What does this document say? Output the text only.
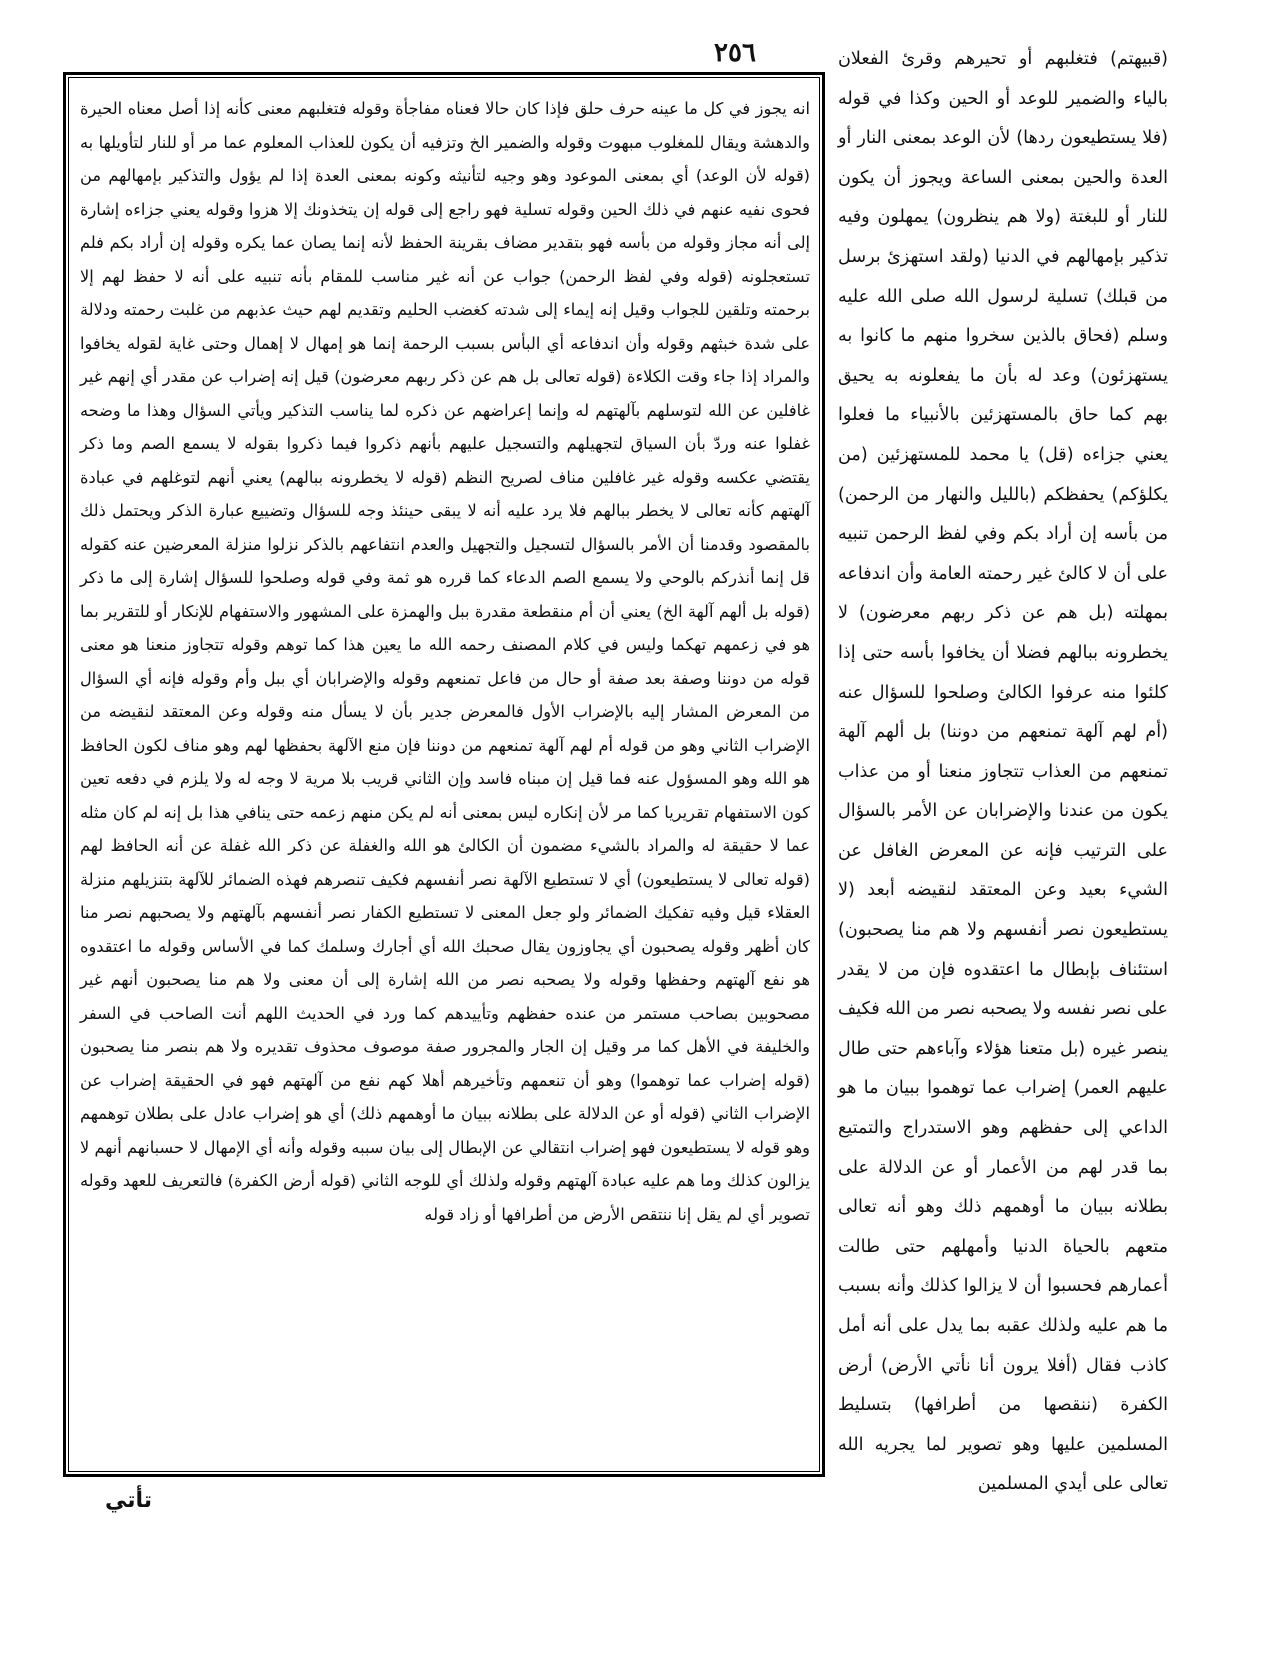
٢٥٦	(قبيهتم) فتغلبهم أو تحيرهم وقرئ الفعلان بالياء والضمير للوعد أو الحين وكذا في قوله (فلا يستطيعون ردها) لأن الوعد بمعنى النار أو العدة والحين بمعنى الساعة ويجوز أن يكون للنار أو للبغتة (ولا هم ينظرون) يمهلون وفيه تذكير بإمهالهم في الدنيا (ولقد استهزئ برسل من قبلك) تسلية لرسول الله صلى الله عليه وسلم (فحاق بالذين سخروا منهم ما كانوا به يستهزئون) وعد له بأن ما يفعلونه به يحيق بهم كما حاق بالمستهزئين بالأنبياء ما فعلوا يعني جزاءه (قل) يا محمد للمستهزئين (من يكلؤكم) يحفظكم (بالليل والنهار من الرحمن) من بأسه إن أراد بكم وفي لفظ الرحمن تنبيه على أن لا كالئ غير رحمته العامة وأن اندفاعه بمهلته (بل هم عن ذكر ربهم معرضون) لا يخطرونه ببالهم فضلا أن يخافوا بأسه حتى إذا كلئوا منه عرفوا الكالئ وصلحوا للسؤال عنه (أم لهم آلهة تمنعهم من دوننا) بل ألهم آلهة تمنعهم من العذاب تتجاوز منعنا أو من عذاب يكون من عندنا والإضرابان عن الأمر بالسؤال على الترتيب فإنه عن المعرض الغافل عن الشيء بعيد وعن المعتقد لنقيضه أبعد (لا يستطيعون نصر أنفسهم ولا هم منا يصحبون) استئناف بإبطال ما اعتقدوه فإن من لا يقدر على نصر نفسه ولا يصحبه نصر من الله فكيف ينصر غيره (بل متعنا هؤلاء وآباءهم حتى طال عليهم العمر) إضراب عما توهموا ببيان ما هو الداعي إلى حفظهم وهو الاستدراج والتمتيع بما قدر لهم من الأعمار أو عن الدلالة على بطلانه ببيان ما أوهمهم ذلك وهو أنه تعالى متعهم بالحياة الدنيا وأمهلهم حتى طالت أعمارهم فحسبوا أن لا يزالوا كذلك وأنه بسبب ما هم عليه ولذلك عقبه بما يدل على أنه أمل كاذب فقال (أفلا يرون أنا نأتي الأرض) أرض الكفرة (ننقصها من أطرافها) بتسليط المسلمين عليها وهو تصوير لما يجريه الله تعالى على أيدي المسلمين

انه يجوز في كل ما عينه حرف حلق فإذا كان حالا فعناه مفاجأة وقوله فتغلبهم معنى كأنه إذا أصل معناه الحيرة والدهشة ويقال للمغلوب مبهوت وقوله والضمير الخ وتزفيه أن يكون للعذاب المعلوم عما مر أو للنار لتأويلها به (قوله لأن الوعد) أي بمعنى الموعود وهو وجيه لتأنيثه وكونه بمعنى العدة إذا لم يؤول والتذكير بإمهالهم من فحوى نفيه عنهم في ذلك الحين وقوله تسلية فهو راجع إلى قوله إن يتخذونك إلا هزوا وقوله يعني جزاءه إشارة إلى أنه مجاز وقوله من بأسه فهو بتقدير مضاف بقرينة الحفظ لأنه إنما يصان عما يكره وقوله إن أراد بكم فلم تستعجلونه (قوله وفي لفظ الرحمن) جواب عن أنه غير مناسب للمقام بأنه تنبيه على أنه لا حفظ لهم إلا برحمته وتلقين للجواب وقيل إنه إيماء إلى شدته كغضب الحليم وتقديم لهم حيث عذبهم من غلبت رحمته ودلالة على شدة خبثهم وقوله وأن اندفاعه أي البأس بسبب الرحمة إنما هو إمهال لا إهمال وحتى غاية لقوله يخافوا والمراد إذا جاء وقت الكلاءة (قوله تعالى بل هم عن ذكر ربهم معرضون) قيل إنه إضراب عن مقدر أي إنهم غير غافلين عن الله لتوسلهم بآلهتهم له وإنما إعراضهم عن ذكره لما يناسب التذكير ويأتي السؤال وهذا ما وضحه غفلوا عنه وردّ بأن السياق لتجهيلهم والتسجيل عليهم بأنهم ذكروا فيما ذكروا بقوله لا يسمع الصم وما ذكر يقتضي عكسه وقوله غير غافلين مناف لصريح النظم (قوله لا يخطرونه ببالهم) يعني أنهم لتوغلهم في عبادة آلهتهم كأنه تعالى لا يخطر ببالهم فلا يرد عليه أنه لا يبقى حينئذ وجه للسؤال وتضييع عبارة الذكر ويحتمل ذلك بالمقصود وقدمنا أن الأمر بالسؤال لتسجيل والتجهيل والعدم انتفاعهم بالذكر نزلوا منزلة المعرضين عنه كقوله قل إنما أنذركم بالوحي ولا يسمع الصم الدعاء كما قرره هو ثمة وفي قوله وصلحوا للسؤال إشارة إلى ما ذكر (قوله بل ألهم آلهة الخ) يعني أن أم منقطعة مقدرة ببل والهمزة على المشهور والاستفهام للإنكار أو للتقرير بما هو في زعمهم تهكما وليس في كلام المصنف رحمه الله ما يعين هذا كما توهم وقوله تتجاوز منعنا هو معنى قوله من دوننا وصفة بعد صفة أو حال من فاعل تمنعهم وقوله والإضرابان أي ببل وأم وقوله فإنه أي السؤال من المعرض المشار إليه بالإضراب الأول فالمعرض جدير بأن لا يسأل منه وقوله وعن المعتقد لنقيضه من الإضراب الثاني وهو من قوله أم لهم آلهة تمنعهم من دوننا فإن منع الآلهة بحفظها لهم وهو مناف لكون الحافظ هو الله وهو المسؤول عنه فما قيل إن مبناه فاسد وإن الثاني قريب بلا مرية لا وجه له ولا يلزم في دفعه تعين كون الاستفهام تقريريا كما مر لأن إنكاره ليس بمعنى أنه لم يكن منهم زعمه حتى ينافي هذا بل إنه لم كان مثله عما لا حقيقة له والمراد بالشيء مضمون أن الكالئ هو الله والغفلة عن ذكر الله غفلة عن أنه الحافظ لهم (قوله تعالى لا يستطيعون) أي لا تستطيع الآلهة نصر أنفسهم فكيف تنصرهم فهذه الضمائر للآلهة بتنزيلهم منزلة العقلاء قيل وفيه تفكيك الضمائر ولو جعل المعنى لا تستطيع الكفار نصر أنفسهم بآلهتهم ولا يصحبهم نصر منا كان أظهر وقوله يصحبون أي يجاوزون يقال صحبك الله أي أجارك وسلمك كما في الأساس وقوله ما اعتقدوه هو نفع آلهتهم وحفظها وقوله ولا يصحبه نصر من الله إشارة إلى أن معنى ولا هم منا يصحبون أنهم غير مصحوبين بصاحب مستمر من عنده حفظهم وتأييدهم كما ورد في الحديث اللهم أنت الصاحب في السفر والخليفة في الأهل كما مر وقيل إن الجار والمجرور صفة موصوف محذوف تقديره ولا هم بنصر منا يصحبون (قوله إضراب عما توهموا) وهو أن تنعمهم وتأخيرهم أهلا كهم نفع من آلهتهم فهو في الحقيقة إضراب عن الإضراب الثاني (قوله أو عن الدلالة على بطلانه ببيان ما أوهمهم ذلك) أي هو إضراب عادل على بطلان توهمهم وهو قوله لا يستطيعون فهو إضراب انتقالي عن الإبطال إلى بيان سببه وقوله وأنه أي الإمهال لا حسبانهم أنهم لا يزالون كذلك وما هم عليه عبادة آلهتهم وقوله ولذلك أي للوجه الثاني (قوله أرض الكفرة) فالتعريف للعهد وقوله تصوير أي لم يقل إنا ننتقص الأرض من أطرافها أو زاد قوله

تأتي
